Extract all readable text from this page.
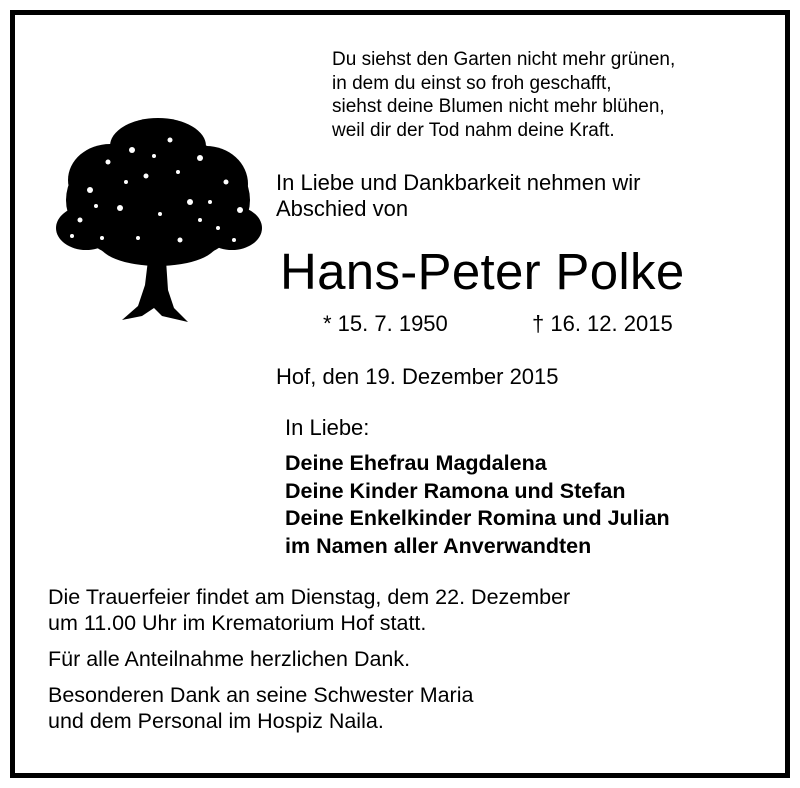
Du siehst den Garten nicht mehr grünen,
in dem du einst so froh geschafft,
siehst deine Blumen nicht mehr blühen,
weil dir der Tod nahm deine Kraft.
In Liebe und Dankbarkeit nehmen wir
Abschied von
Hans-Peter Polke
* 15. 7. 1950	† 16. 12. 2015
Hof, den 19. Dezember 2015
In Liebe:
Deine Ehefrau Magdalena
Deine Kinder Ramona und Stefan
Deine Enkelkinder Romina und Julian
im Namen aller Anverwandten

Die Trauerfeier findet am Dienstag, dem 22. Dezember
um 11.00 Uhr im Krematorium Hof statt.

Für alle Anteilnahme herzlichen Dank.

Besonderen Dank an seine Schwester Maria
und dem Personal im Hospiz Naila.
